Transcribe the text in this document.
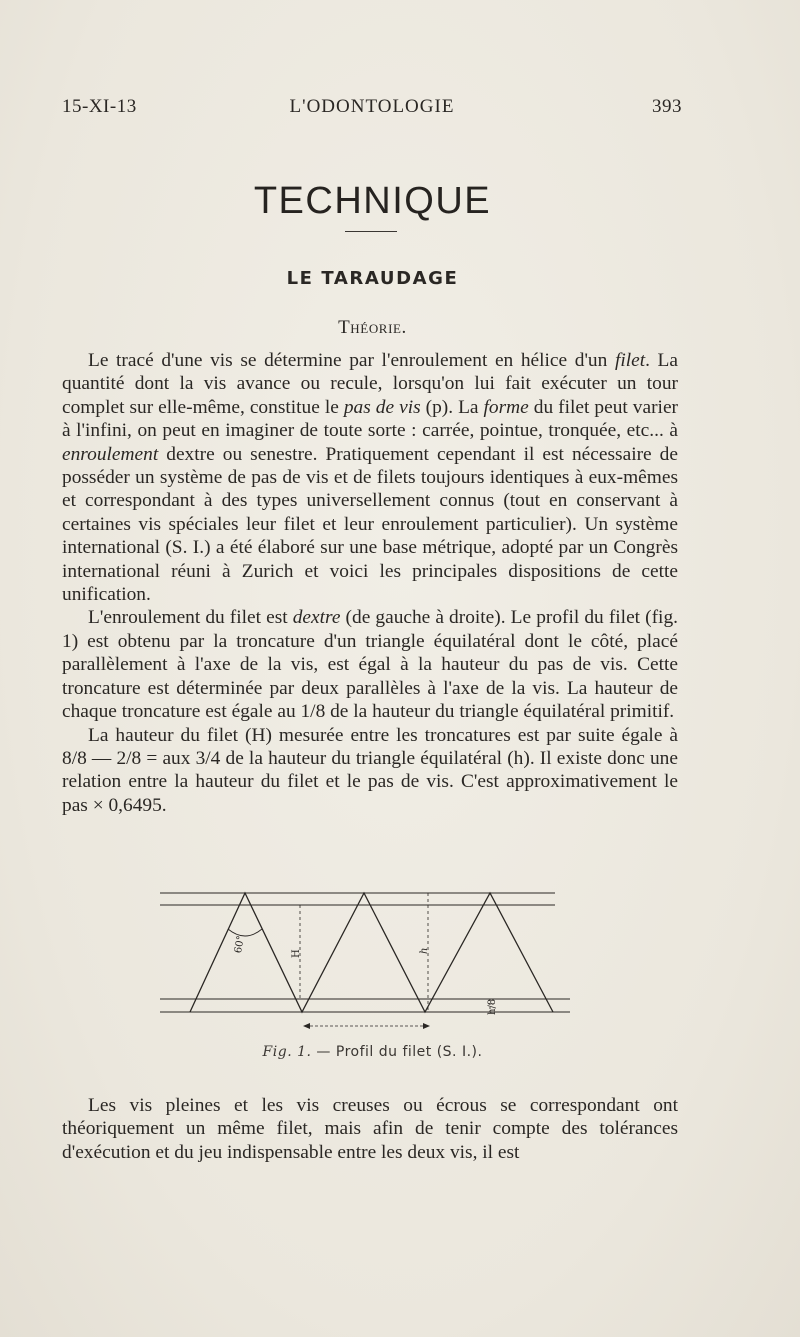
15-XI-13	L'ODONTOLOGIE	393
TECHNIQUE
LE TARAUDAGE
Théorie.

Le tracé d'une vis se détermine par l'enroulement en hélice d'un filet. La quantité dont la vis avance ou recule, lorsqu'on lui fait exécuter un tour complet sur elle-même, constitue le pas de vis (p). La forme du filet peut varier à l'infini, on peut en imaginer de toute sorte : carrée, pointue, tronquée, etc... à enroulement dextre ou senestre. Pratiquement cependant il est nécessaire de posséder un système de pas de vis et de filets toujours identiques à eux-mêmes et correspondant à des types universellement connus (tout en conservant à certaines vis spéciales leur filet et leur enroulement particulier). Un système international (S. I.) a été élaboré sur une base métrique, adopté par un Congrès international réuni à Zurich et voici les principales dispositions de cette unification.

L'enroulement du filet est dextre (de gauche à droite). Le profil du filet (fig. 1) est obtenu par la troncature d'un triangle équilatéral dont le côté, placé parallèlement à l'axe de la vis, est égal à la hauteur du pas de vis. Cette troncature est déterminée par deux parallèles à l'axe de la vis. La hauteur de chaque troncature est égale au 1/8 de la hauteur du triangle équilatéral primitif.

La hauteur du filet (H) mesurée entre les troncatures est par suite égale à 8/8 — 2/8 = aux 3/4 de la hauteur du triangle équilatéral (h). Il existe donc une relation entre la hauteur du filet et le pas de vis. C'est approximativement le pas × 0,6495.

60°	H	h
h/8
Fig. 1. — Profil du filet (S. I.).

Les vis pleines et les vis creuses ou écrous se correspondant ont théoriquement un même filet, mais afin de tenir compte des tolérances d'exécution et du jeu indispensable entre les deux vis, il est
